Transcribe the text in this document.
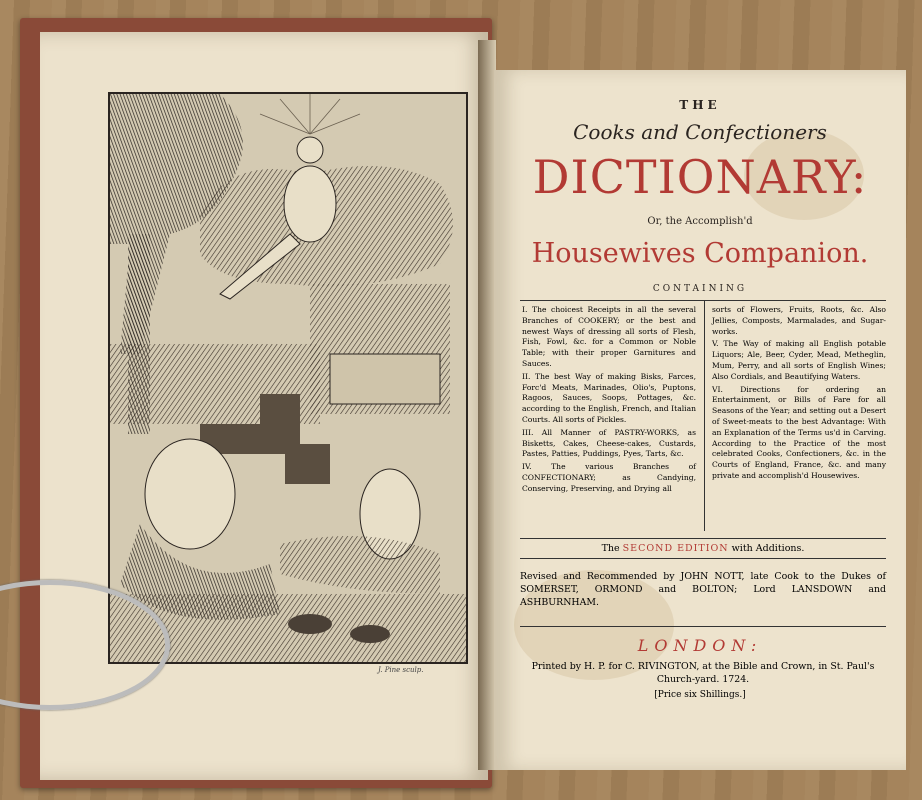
J. Pine sculp.
THE
Cooks and Confectioners
DICTIONARY:
Or, the Accomplish'd
Housewives Companion.
CONTAINING

I. The choicest Receipts in all the several Branches of COOKERY; or the best and newest Ways of dressing all sorts of Flesh, Fish, Fowl, &c. for a Common or Noble Table; with their proper Garnitures and Sauces.

II. The best Way of making Bisks, Farces, Forc'd Meats, Marinades, Olio's, Puptons, Ragoos, Sauces, Soops, Pottages, &c. according to the English, French, and Italian Courts. All sorts of Pickles.

III. All Manner of PASTRY-WORKS, as Bisketts, Cakes, Cheese-cakes, Custards, Pastes, Patties, Puddings, Pyes, Tarts, &c.

IV. The various Branches of CONFECTIONARY; as Candying, Conserving, Preserving, and Drying all

sorts of Flowers, Fruits, Roots, &c. Also Jellies, Composts, Marmalades, and Sugar-works.

V. The Way of making all English potable Liquors; Ale, Beer, Cyder, Mead, Metheglin, Mum, Perry, and all sorts of English Wines; Also Cordials, and Beautifying Waters.

VI. Directions for ordering an Entertainment, or Bills of Fare for all Seasons of the Year; and setting out a Desert of Sweet-meats to the best Advantage: With an Explanation of the Terms us'd in Carving. According to the Practice of the most celebrated Cooks, Confectioners, &c. in the Courts of England, France, &c. and many private and accomplish'd Housewives.

The SECOND EDITION with Additions.
Revised and Recommended by JOHN NOTT, late Cook to the Dukes of SOMERSET, ORMOND and BOLTON; Lord LANSDOWN and ASHBURNHAM.
LONDON:
Printed by H. P. for C. RIVINGTON, at the Bible and Crown, in St. Paul's Church-yard. 1724.
[Price six Shillings.]
